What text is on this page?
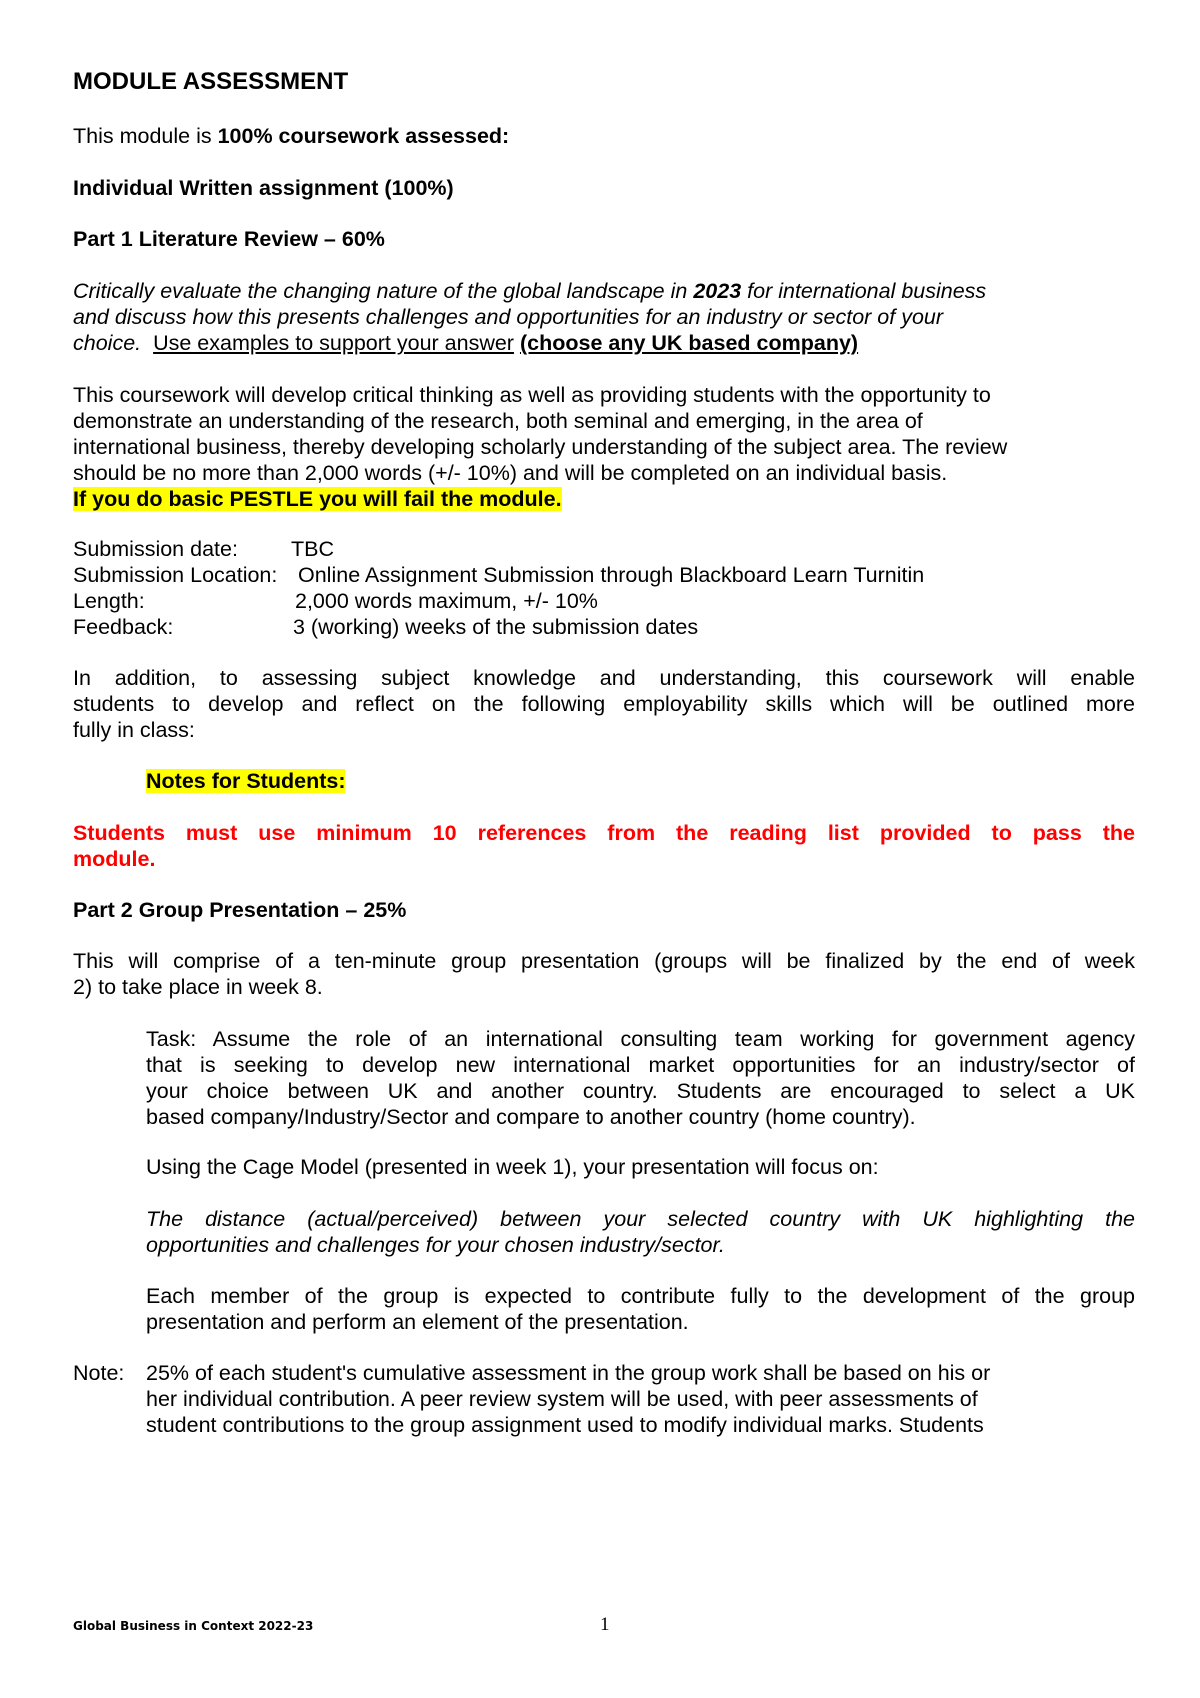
MODULE ASSESSMENT
This module is 100% coursework assessed:
Individual Written assignment (100%)
Part 1 Literature Review – 60%
Critically evaluate the changing nature of the global landscape in 2023 for international business
and discuss how this presents challenges and opportunities for an industry or sector of your
choice. Use examples to support your answer (choose any UK based company)
This coursework will develop critical thinking as well as providing students with the opportunity to
demonstrate an understanding of the research, both seminal and emerging, in the area of
international business, thereby developing scholarly understanding of the subject area. The review
should be no more than 2,000 words (+/- 10%) and will be completed on an individual basis.
If you do basic PESTLE you will fail the module.
Submission date: TBC
Submission Location: Online Assignment Submission through Blackboard Learn Turnitin
Length:	2,000 words maximum, +/- 10%
Feedback:	3 (working) weeks of the submission dates
In addition, to assessing subject knowledge and understanding, this coursework will enable
students to develop and reflect on the following employability skills which will be outlined more
fully in class:
Notes for Students:
Students must use minimum 10 references from the reading list provided to pass the
module.
Part 2 Group Presentation – 25%
This will comprise of a ten-minute group presentation (groups will be finalized by the end of week
2) to take place in week 8.
Task: Assume the role of an international consulting team working for government agency
that is seeking to develop new international market opportunities for an industry/sector of
your choice between UK and another country. Students are encouraged to select a UK
based company/Industry/Sector and compare to another country (home country).
Using the Cage Model (presented in week 1), your presentation will focus on:
The distance (actual/perceived) between your selected country with UK highlighting the
opportunities and challenges for your chosen industry/sector.
Each member of the group is expected to contribute fully to the development of the group
presentation and perform an element of the presentation.
Note: 25% of each student's cumulative assessment in the group work shall be based on his or
her individual contribution. A peer review system will be used, with peer assessments of
student contributions to the group assignment used to modify individual marks. Students
Global Business in Context 2022-23	1
